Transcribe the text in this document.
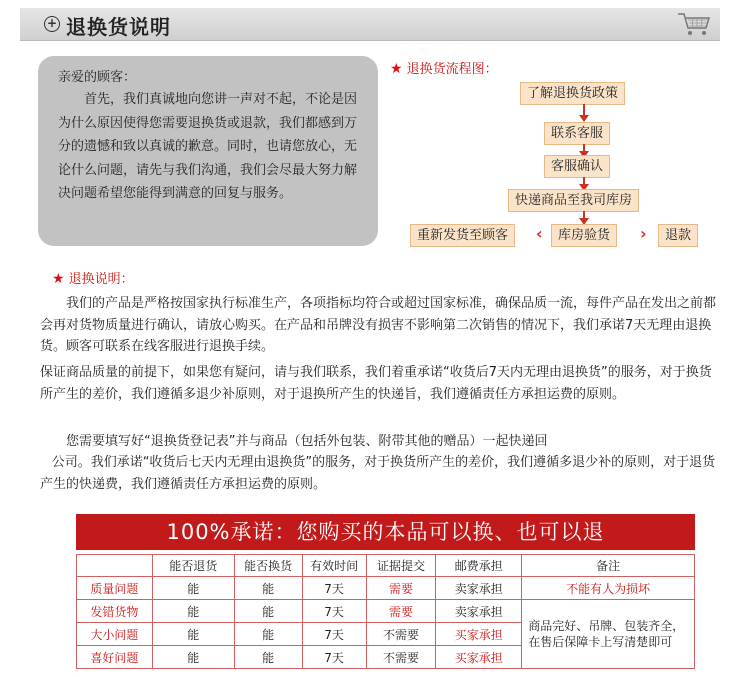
+ 退换货说明
亲爱的顾客：
首先，我们真诚地向您讲一声对不起，不论是因为什么原因使得您需要退换货或退款，我们都感到万分的遗憾和致以真诚的歉意。同时，也请您放心，无论什么问题，请先与我们沟通，我们会尽最大努力解决问题希望您能得到满意的回复与服务。
★ 退换货流程图：
了解退换货政策
联系客服
客服确认
快递商品至我司库房
重新发货至顾客	‹	库房验货	›	退款
★ 退换说明：
我们的产品是严格按国家执行标准生产，各项指标均符合或超过国家标准，确保品质一流，每件产品在发出之前都会再对货物质量进行确认，请放心购买。在产品和吊牌没有损害不影响第二次销售的情况下，我们承诺7天无理由退换货。顾客可联系在线客服进行退换手续。
保证商品质量的前提下，如果您有疑问，请与我们联系，我们着重承诺“收货后7天内无理由退换货”的服务，对于换货所产生的差价，我们遵循多退少补原则，对于退换所产生的快递旨，我们遵循责任方承担运费的原则。
您需要填写好“退换货登记表”并与商品（包括外包装、附带其他的赠品）一起快递回
公司。我们承诺“收货后七天内无理由退换货”的服务，对于换货所产生的差价，我们遵循多退少补的原则，对于退货产生的快递费，我们遵循责任方承担运费的原则。
100%承诺：您购买的本品可以换、也可以退
	能否退货	能否换货	有效时间	证据提交	邮费承担	备注
质量问题	能	能	7天	需要	卖家承担	不能有人为损坏
发错货物	能	能	7天	需要	卖家承担	商品完好、吊牌、包装齐全，在售后保障卡上写清楚即可
大小问题	能	能	7天	不需要	买家承担	
喜好问题	能	能	7天	不需要	买家承担	
